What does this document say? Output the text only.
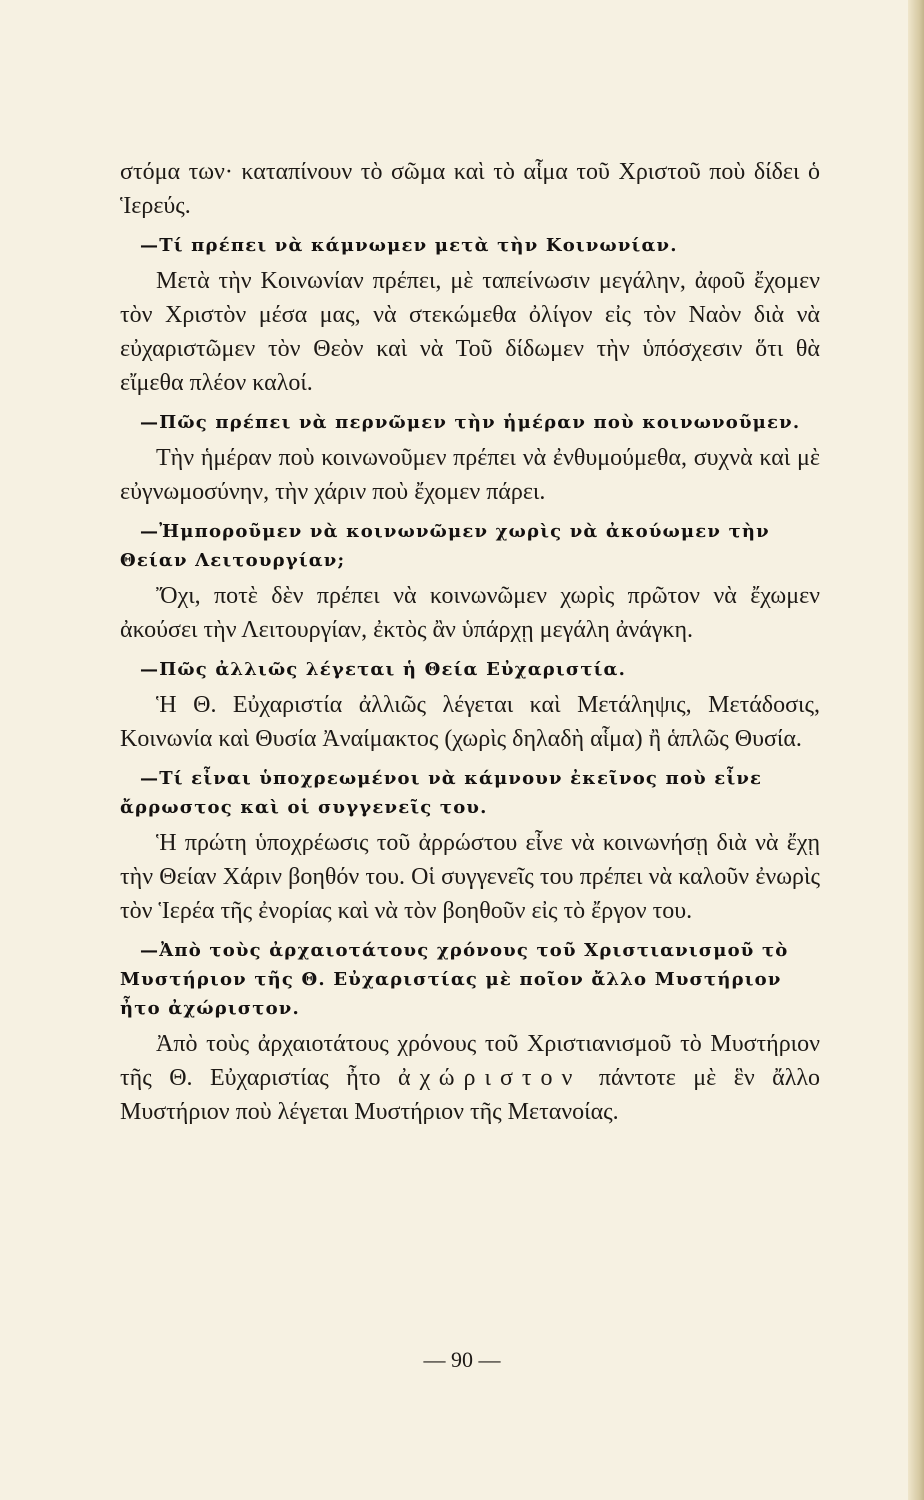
στόμα των· καταπίνουν τὸ σῶμα καὶ τὸ αἷμα τοῦ Χριστοῦ ποὺ δίδει ὁ Ἱερεύς.

—Τί πρέπει νὰ κάμνωμεν μετὰ τὴν Κοινωνίαν.

Μετὰ τὴν Κοινωνίαν πρέπει, μὲ ταπείνωσιν μεγάλην, ἀφοῦ ἔχομεν τὸν Χριστὸν μέσα μας, νὰ στεκώμεθα ὀλίγον εἰς τὸν Ναὸν διὰ νὰ εὐχαριστῶμεν τὸν Θεὸν καὶ νὰ Τοῦ δίδωμεν τὴν ὑπόσχεσιν ὅτι θὰ εἴμεθα πλέον καλοί.

—Πῶς πρέπει νὰ περνῶμεν τὴν ἡμέραν ποὺ κοινωνοῦμεν.

Τὴν ἡμέραν ποὺ κοινωνοῦμεν πρέπει νὰ ἐνθυμούμεθα, συχνὰ καὶ μὲ εὐγνωμοσύνην, τὴν χάριν ποὺ ἔχομεν πάρει.

—Ἠμποροῦμεν νὰ κοινωνῶμεν χωρὶς νὰ ἀκούωμεν τὴν Θείαν Λειτουργίαν;

Ὄχι, ποτὲ δὲν πρέπει νὰ κοινωνῶμεν χωρὶς πρῶτον νὰ ἔχωμεν ἀκούσει τὴν Λειτουργίαν, ἐκτὸς ἂν ὑπάρχῃ μεγάλη ἀνάγκη.

—Πῶς ἀλλιῶς λέγεται ἡ Θεία Εὐχαριστία.

Ἡ Θ. Εὐχαριστία ἀλλιῶς λέγεται καὶ Μετάληψις, Μετάδοσις, Κοινωνία καὶ Θυσία Ἀναίμακτος (χωρὶς δηλαδὴ αἷμα) ἢ ἁπλῶς Θυσία.

—Τί εἶναι ὑποχρεωμένοι νὰ κάμνουν ἐκεῖνος ποὺ εἶνε ἄρρωστος καὶ οἱ συγγενεῖς του.

Ἡ πρώτη ὑποχρέωσις τοῦ ἀρρώστου εἶνε νὰ κοινωνήσῃ διὰ νὰ ἔχῃ τὴν Θείαν Χάριν βοηθόν του. Οἱ συγγενεῖς του πρέπει νὰ καλοῦν ἐνωρὶς τὸν Ἱερέα τῆς ἐνορίας καὶ νὰ τὸν βοηθοῦν εἰς τὸ ἔργον του.

—Ἀπὸ τοὺς ἀρχαιοτάτους χρόνους τοῦ Χριστιανισμοῦ τὸ Μυστήριον τῆς Θ. Εὐχαριστίας μὲ ποῖον ἄλλο Μυστήριον ἦτο ἀχώριστον.

Ἀπὸ τοὺς ἀρχαιοτάτους χρόνους τοῦ Χριστιανισμοῦ τὸ Μυστήριον τῆς Θ. Εὐχαριστίας ἦτο ἀχώριστον πάντοτε μὲ ἓν ἄλλο Μυστήριον ποὺ λέγεται Μυστήριον τῆς Μετανοίας.

— 90 —
